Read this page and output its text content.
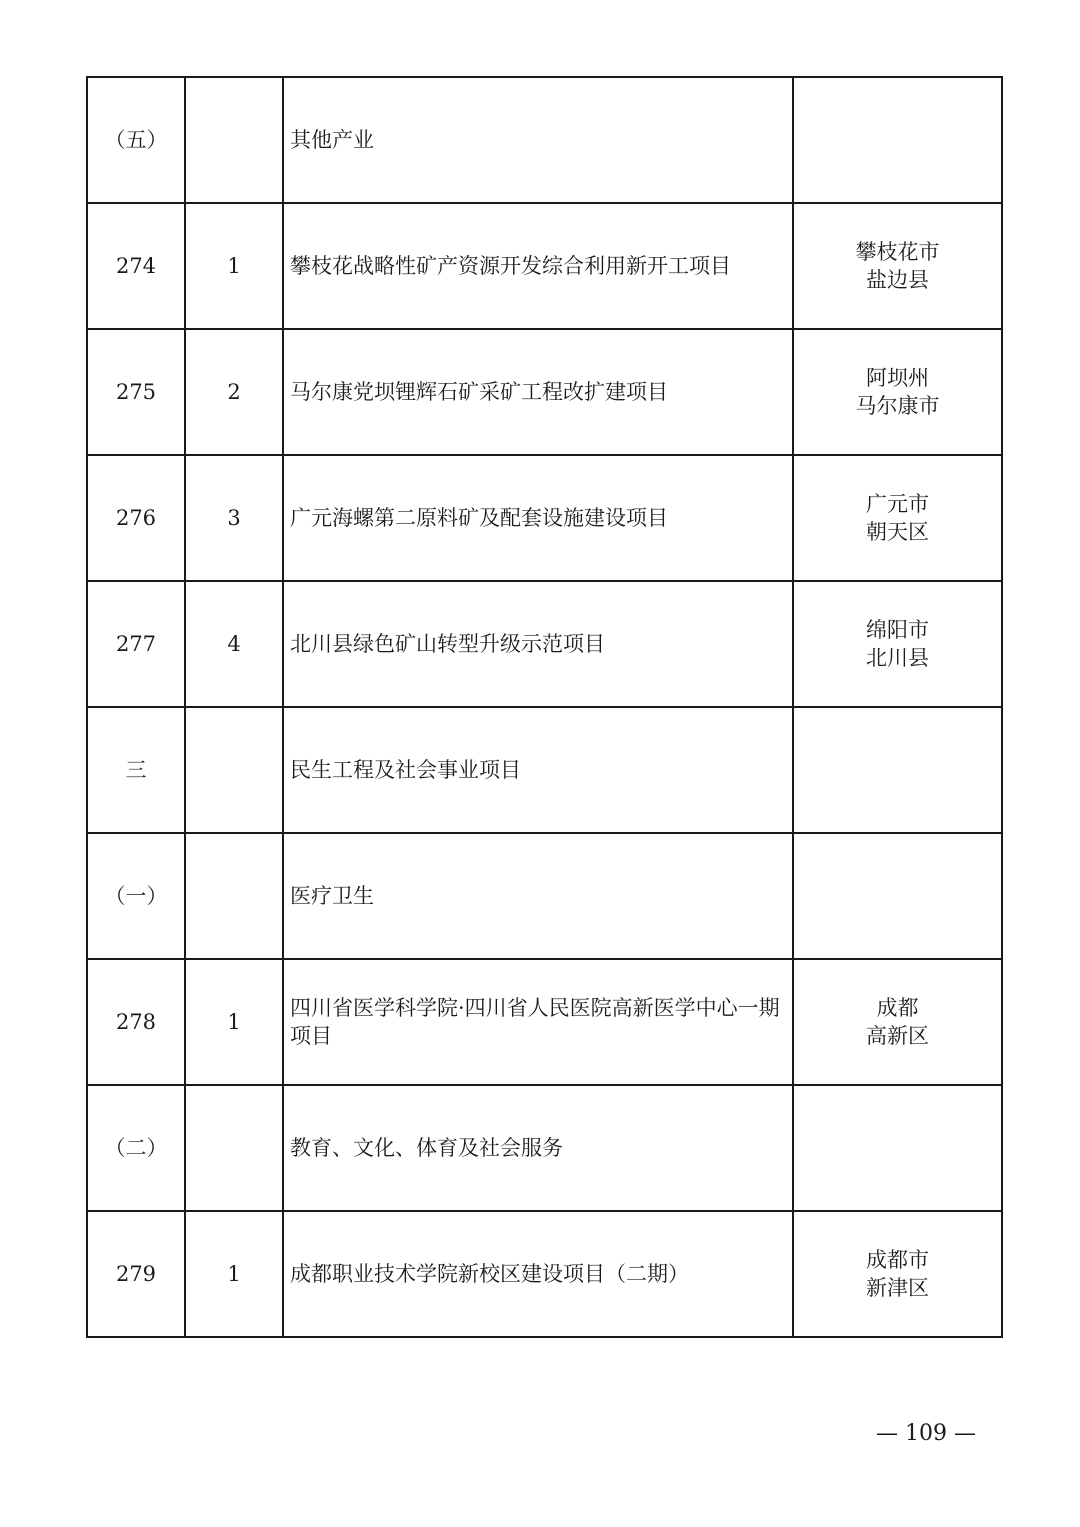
（五）		其他产业	

274	1	攀枝花战略性矿产资源开发综合利用新开工项目	攀枝花市
盐边县

275	2	马尔康党坝锂辉石矿采矿工程改扩建项目	阿坝州
马尔康市

276	3	广元海螺第二原料矿及配套设施建设项目	广元市
朝天区

277	4	北川县绿色矿山转型升级示范项目	绵阳市
北川县

三		民生工程及社会事业项目	

（一）		医疗卫生	

278	1	四川省医学科学院·四川省人民医院高新医学中心一期项目	成都
高新区

（二）		教育、文化、体育及社会服务	

279	1	成都职业技术学院新校区建设项目（二期）	成都市
新津区
— 109 —
